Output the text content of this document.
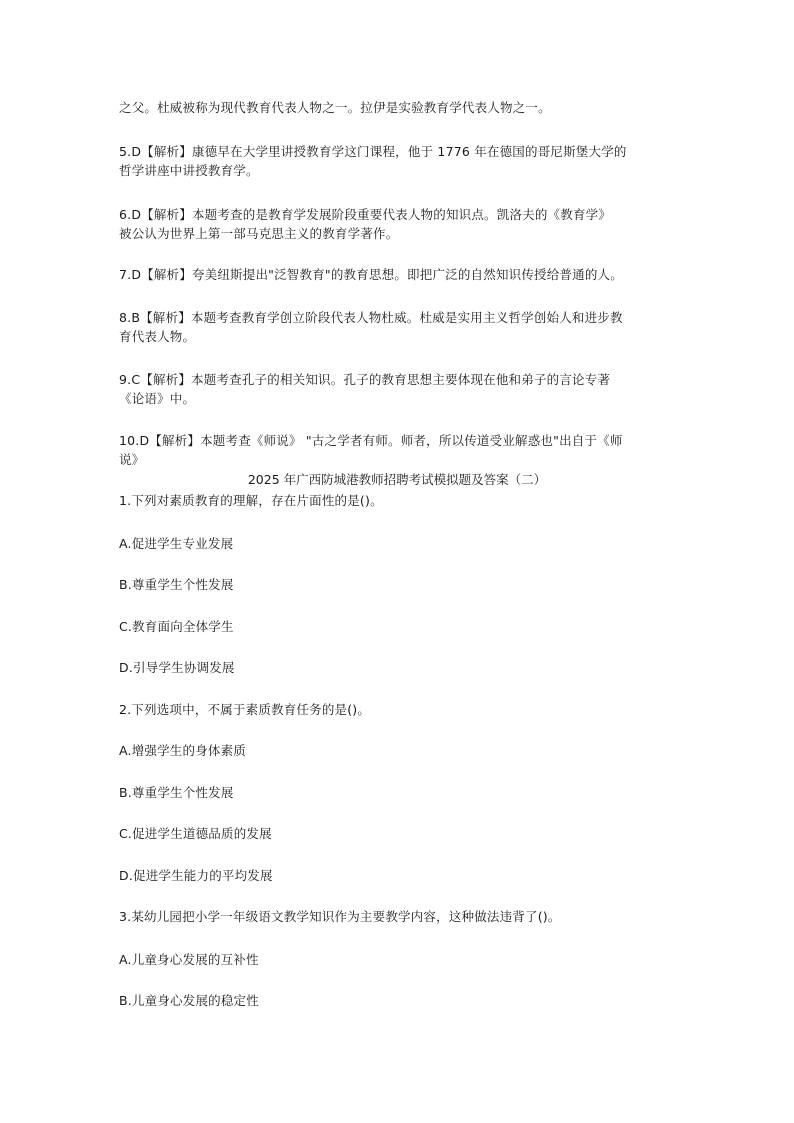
之父。杜威被称为现代教育代表人物之一。拉伊是实验教育学代表人物之一。
5.D【解析】康德早在大学里讲授教育学这门课程，他于 1776 年在德国的哥尼斯堡大学的
哲学讲座中讲授教育学。
6.D【解析】本题考查的是教育学发展阶段重要代表人物的知识点。凯洛夫的《教育学》
被公认为世界上第一部马克思主义的教育学著作。
7.D【解析】夸美纽斯提出"泛智教育"的教育思想。即把广泛的自然知识传授给普通的人。
8.B【解析】本题考查教育学创立阶段代表人物杜威。杜威是实用主义哲学创始人和进步教
育代表人物。
9.C【解析】本题考查孔子的相关知识。孔子的教育思想主要体现在他和弟子的言论专著
《论语》中。
10.D【解析】本题考查《师说》 "古之学者有师。师者，所以传道受业解惑也"出自于《师
说》
2025 年广西防城港教师招聘考试模拟题及答案（二）
1.下列对素质教育的理解，存在片面性的是()。
A.促进学生专业发展
B.尊重学生个性发展
C.教育面向全体学生
D.引导学生协调发展
2.下列选项中，不属于素质教育任务的是()。
A.增强学生的身体素质
B.尊重学生个性发展
C.促进学生道德品质的发展
D.促进学生能力的平均发展
3.某幼儿园把小学一年级语文教学知识作为主要教学内容，这种做法违背了()。
A.儿童身心发展的互补性
B.儿童身心发展的稳定性
